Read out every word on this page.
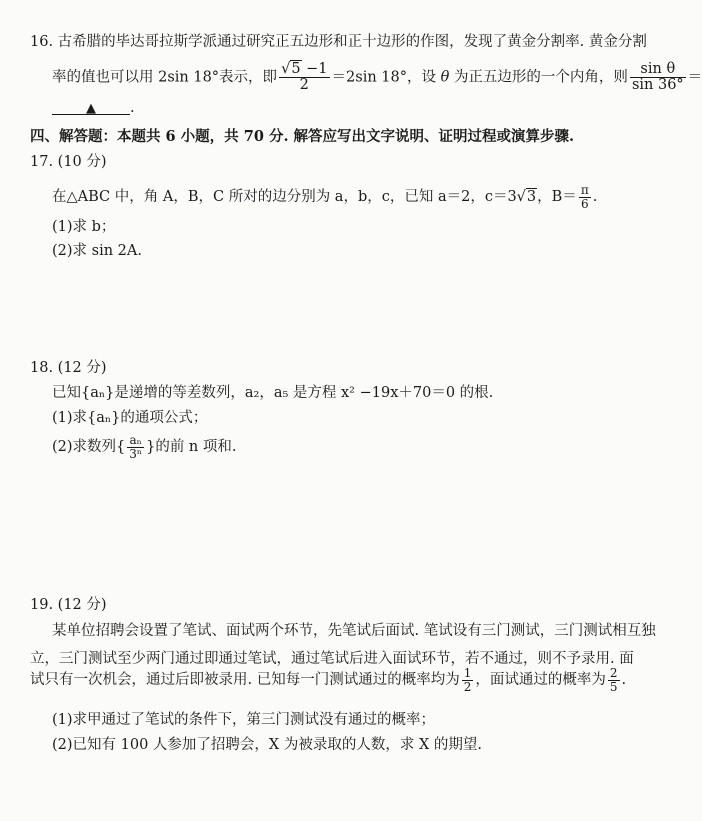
16. 古希腊的毕达哥拉斯学派通过研究正五边形和正十边形的作图，发现了黄金分割率. 黄金分割
率的值也可以用 2sin 18°表示，即 $\frac{√5 -1}{2} =2\sin$ 18°，设 θ 为正五边形的一个内角，则 $\frac{\text{sin θ}}{\sin 36^\circ}$ ＝
▲ .
四、解答题：本题共 6 小题，共 70 分. 解答应写出文字说明、证明过程或演算步骤.
17. (10 分)
在△ABC 中，角 A，B，C 所对的边分别为 a，b，c，已知 a＝2，c＝3√3，$B= \frac{\pi}{6}$ .
(1)求 b；
(2)求 sin 2A.
18. (12 分)
已知{aₙ}是递增的等差数列，a₂，a₅ 是方程 x² −19x＋70＝0 的根.
(1)求{aₙ}的通项公式；
(2)求数列{ $\frac{\text{aₙ}}{\text{3ⁿ}}$ }的前 n 项和.
19. (12 分)
某单位招聘会设置了笔试、面试两个环节，先笔试后面试. 笔试设有三门测试，三门测试相互独
立，三门测试至少两门通过即通过笔试，通过笔试后进入面试环节，若不通过，则不予录用. 面
试只有一次机会，通过后即被录用. 已知每一门测试通过的概率均为 $\frac{1}{2}$ ，面试通过的概率为 $\frac{2}{5}$ .
(1)求甲通过了笔试的条件下，第三门测试没有通过的概率；
(2)已知有 100 人参加了招聘会，X 为被录取的人数，求 X 的期望.
